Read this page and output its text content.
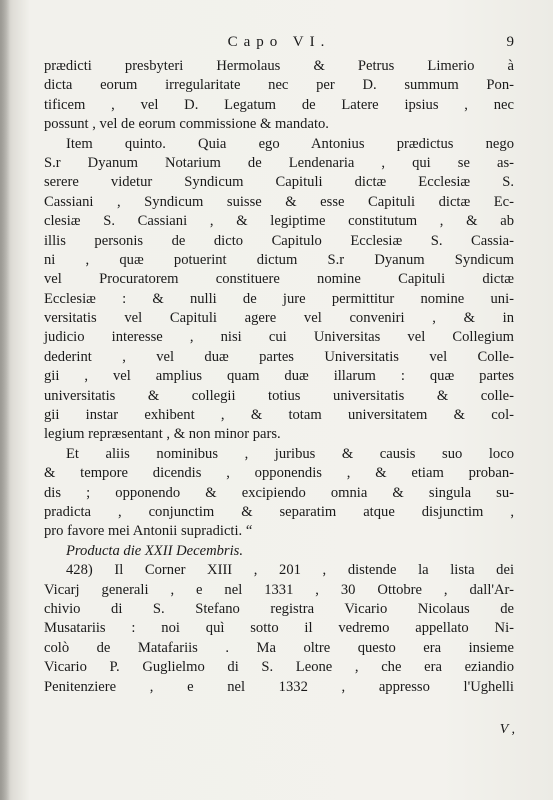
Capo VI.	9
prædicti presbyteri Hermolaus & Petrus Limerio à
dicta eorum irregularitate nec per D. summum Pon-
tificem , vel D. Legatum de Latere ipsius , nec
possunt , vel de eorum commissione & mandato.
Item quinto. Quia ego Antonius prædictus nego
S.r Dyanum Notarium de Lendenaria , qui se as-
serere videtur Syndicum Capituli dictæ Ecclesiæ S.
Cassiani , Syndicum suisse & esse Capituli dictæ Ec-
clesiæ S. Cassiani , & legiptime constitutum , & ab
illis personis de dicto Capitulo Ecclesiæ S. Cassia-
ni , quæ potuerint dictum S.r Dyanum Syndicum
vel Procuratorem constituere nomine Capituli dictæ
Ecclesiæ : & nulli de jure permittitur nomine uni-
versitatis vel Capituli agere vel conveniri , & in
judicio interesse , nisi cui Universitas vel Collegium
dederint , vel duæ partes Universitatis vel Colle-
gii , vel amplius quam duæ illarum : quæ partes
universitatis & collegii totius universitatis & colle-
gii instar exhibent , & totam universitatem & col-
legium repræsentant , & non minor pars.
Et aliis nominibus , juribus & causis suo loco
& tempore dicendis , opponendis , & etiam proban-
dis ; opponendo & excipiendo omnia & singula su-
pradicta , conjunctim & separatim atque disjunctim ,
pro favore mei Antonii supradicti. “
Producta die XXII Decembris.
428) Il Corner XIII , 201 , distende la lista dei
Vicarj generali , e nel 1331 , 30 Ottobre , dall'Ar-
chivio di S. Stefano registra Vicario Nicolaus de
Musatariis : noi quì sotto il vedremo appellato Ni-
colò de Matafariis . Ma oltre questo era insieme
Vicario P. Guglielmo di S. Leone , che era eziandio
Penitenziere , e nel 1332 , appresso l'Ughelli
V ,
